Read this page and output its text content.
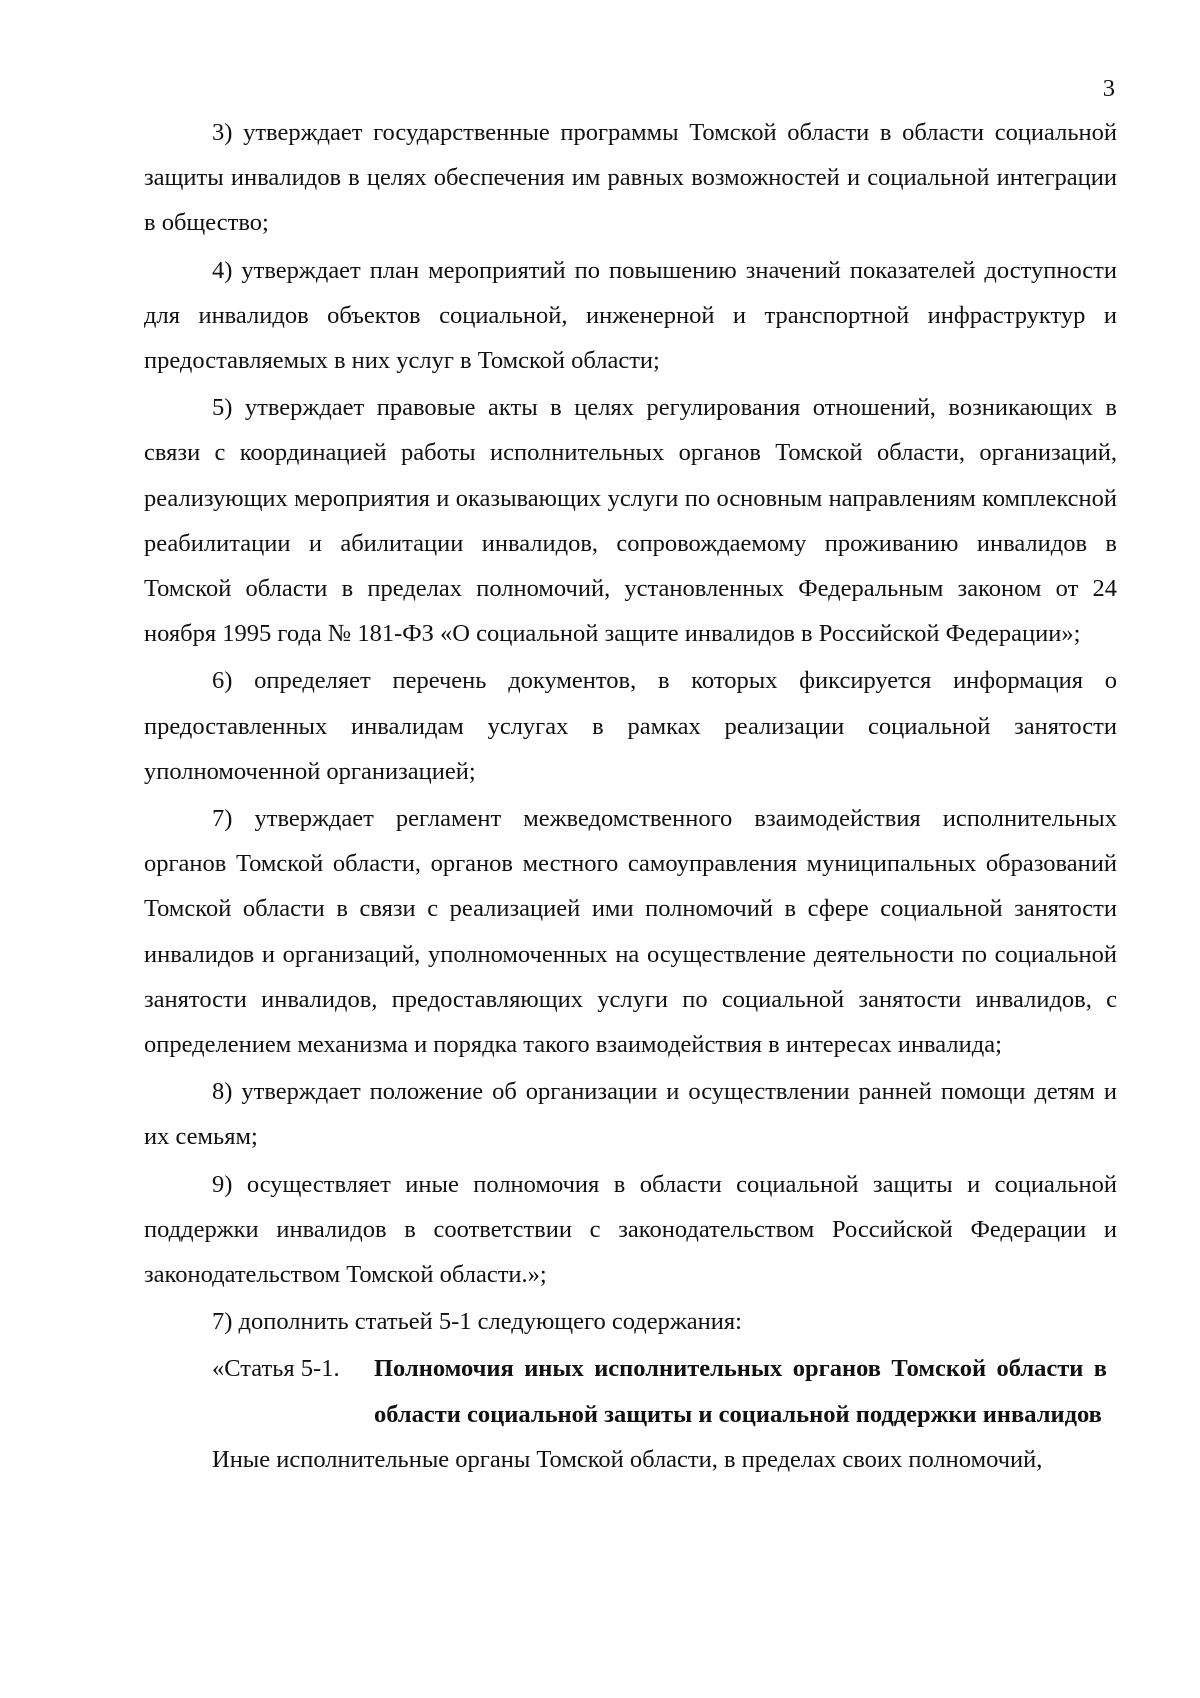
3

3) утверждает государственные программы Томской области в области социальной защиты инвалидов в целях обеспечения им равных возможностей и социальной интеграции в общество;

4) утверждает план мероприятий по повышению значений показателей доступности для инвалидов объектов социальной, инженерной и транспортной инфраструктур и предоставляемых в них услуг в Томской области;

5) утверждает правовые акты в целях регулирования отношений, возникающих в связи с координацией работы исполнительных органов Томской области, организаций, реализующих мероприятия и оказывающих услуги по основным направлениям комплексной реабилитации и абилитации инвалидов, сопровождаемому проживанию инвалидов в Томской области в пределах полномочий, установленных Федеральным законом от 24 ноября 1995 года № 181-ФЗ «О социальной защите инвалидов в Российской Федерации»;

6) определяет перечень документов, в которых фиксируется информация о предоставленных инвалидам услугах в рамках реализации социальной занятости уполномоченной организацией;

7) утверждает регламент межведомственного взаимодействия исполнительных органов Томской области, органов местного самоуправления муниципальных образований Томской области в связи с реализацией ими полномочий в сфере социальной занятости инвалидов и организаций, уполномоченных на осуществление деятельности по социальной занятости инвалидов, предоставляющих услуги по социальной занятости инвалидов, с определением механизма и порядка такого взаимодействия в интересах инвалида;

8) утверждает положение об организации и осуществлении ранней помощи детям и их семьям;

9) осуществляет иные полномочия в области социальной защиты и социальной поддержки инвалидов в соответствии с законодательством Российской Федерации и законодательством Томской области.»;

7) дополнить статьей 5-1 следующего содержания:

«Статья 5-1.	Полномочия иных исполнительных органов Томской области в области социальной защиты и социальной поддержки инвалидов

Иные исполнительные органы Томской области, в пределах своих полномочий,
